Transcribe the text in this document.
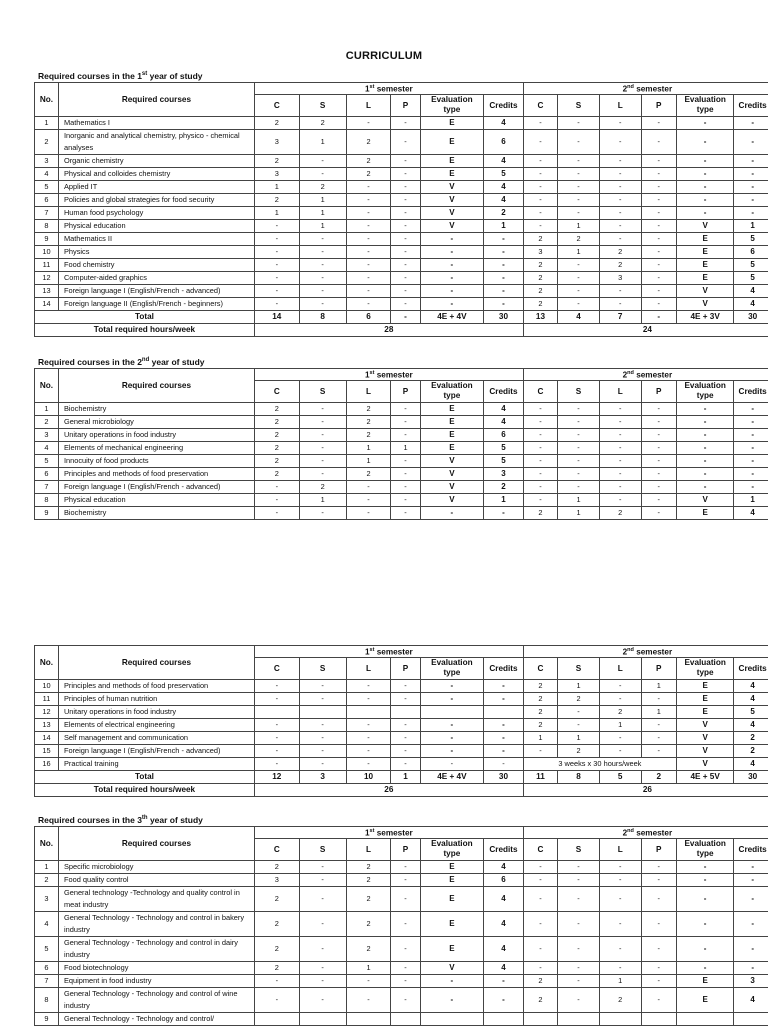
CURRICULUM
Required courses in the 1st year of study
No.	Required courses	1st semester						2nd semester					
		C	S	L	P	Evaluation type	Credits	C	S	L	P	Evaluation type	Credits
1	Mathematics I	2	2	-	-	E	4	-	-	-	-	-	-
2	Inorganic and analytical chemistry, physico - chemical analyses	3	1	2	-	E	6	-	-	-	-	-	-
3	Organic chemistry	2	-	2	-	E	4	-	-	-	-	-	-
4	Physical and colloides chemistry	3	-	2	-	E	5	-	-	-	-	-	-
5	Applied IT	1	2	-	-	V	4	-	-	-	-	-	-
6	Policies and global strategies for food security	2	1	-	-	V	4	-	-	-	-	-	-
7	Human food psychology	1	1	-	-	V	2	-	-	-	-	-	-
8	Physical education	-	1	-	-	V	1	-	1	-	-	V	1
9	Mathematics II	-	-	-	-	-	-	2	2	-	-	E	5
10	Physics	-	-	-	-	-	-	3	1	2	-	E	6
11	Food chemistry	-	-	-	-	-	-	2	-	2	-	E	5
12	Computer-aided graphics	-	-	-	-	-	-	2	-	3	-	E	5
13	Foreign language I (English/French - advanced)	-	-	-	-	-	-	2	-	-	-	V	4
14	Foreign language II (English/French - beginners)	-	-	-	-	-	-	2	-	-	-	V	4
Total		14	8	6	-	4E + 4V	30	13	4	7	-	4E + 3V	30
Total required hours/week		28						24					
Required courses in the 2nd year of study
No.	Required courses	1st semester						2nd semester					
		C	S	L	P	Evaluation type	Credits	C	S	L	P	Evaluation type	Credits
1	Biochemistry	2	-	2	-	E	4	-	-	-	-	-	-
2	General microbiology	2	-	2	-	E	4	-	-	-	-	-	-
3	Unitary operations in food industry	2	-	2	-	E	6	-	-	-	-	-	-
4	Elements of mechanical engineering	2	-	1	1	E	5	-	-	-	-	-	-
5	Innocuity of food products	2	-	1	-	V	5	-	-	-	-	-	-
6	Principles and methods of food preservation	2	-	2	-	V	3	-	-	-	-	-	-
7	Foreign language I (English/French - advanced)	-	2	-	-	V	2	-	-	-	-	-	-
8	Physical education	-	1	-	-	V	1	-	1	-	-	V	1
9	Biochemistry	-	-	-	-	-	-	2	1	2	-	E	4
No.	Required courses	1st semester						2nd semester					
		C	S	L	P	Evaluation type	Credits	C	S	L	P	Evaluation type	Credits
10	Principles and methods of food preservation	-	-	-	-	-	-	2	1	-	1	E	4
11	Principles of human nutrition	-	-	-	-	-	-	2	2	-	-	E	4
12	Unitary operations in food industry							2	-	2	1	E	5
13	Elements of electrical engineering	-	-	-	-	-	-	2	-	1	-	V	4
14	Self management and communication	-	-	-	-	-	-	1	1	-	-	V	2
15	Foreign language I (English/French - advanced)	-	-	-	-	-	-	-	2	-	-	V	2
16	Practical training	-	-	-	-	-	-	3 weeks x 30 hours/week				V	4
Total		12	3	10	1	4E + 4V	30	11	8	5	2	4E + 5V	30
Total required hours/week		26						26					
Required courses in the 3th year of study
No.	Required courses	1st semester						2nd semester					
		C	S	L	P	Evaluation type	Credits	C	S	L	P	Evaluation type	Credits
1	Specific microbiology	2	-	2	-	E	4	-	-	-	-	-	-
2	Food quality control	3	-	2	-	E	6	-	-	-	-	-	-
3	General technology -Technology and quality control in meat industry	2	-	2	-	E	4	-	-	-	-	-	-
4	General Technology - Technology and control in bakery industry	2	-	2	-	E	4	-	-	-	-	-	-
5	General Technology - Technology and control in dairy industry	2	-	2	-	E	4	-	-	-	-	-	-
6	Food biotechnology	2	-	1	-	V	4	-	-	-	-	-	-
7	Equipment in food industry	-	-	-	-	-	-	2	-	1	-	E	3
8	General Technology - Technology and control of wine industry	-	-	-	-	-	-	2	-	2	-	E	4
9	General Technology - Technology and control/												
